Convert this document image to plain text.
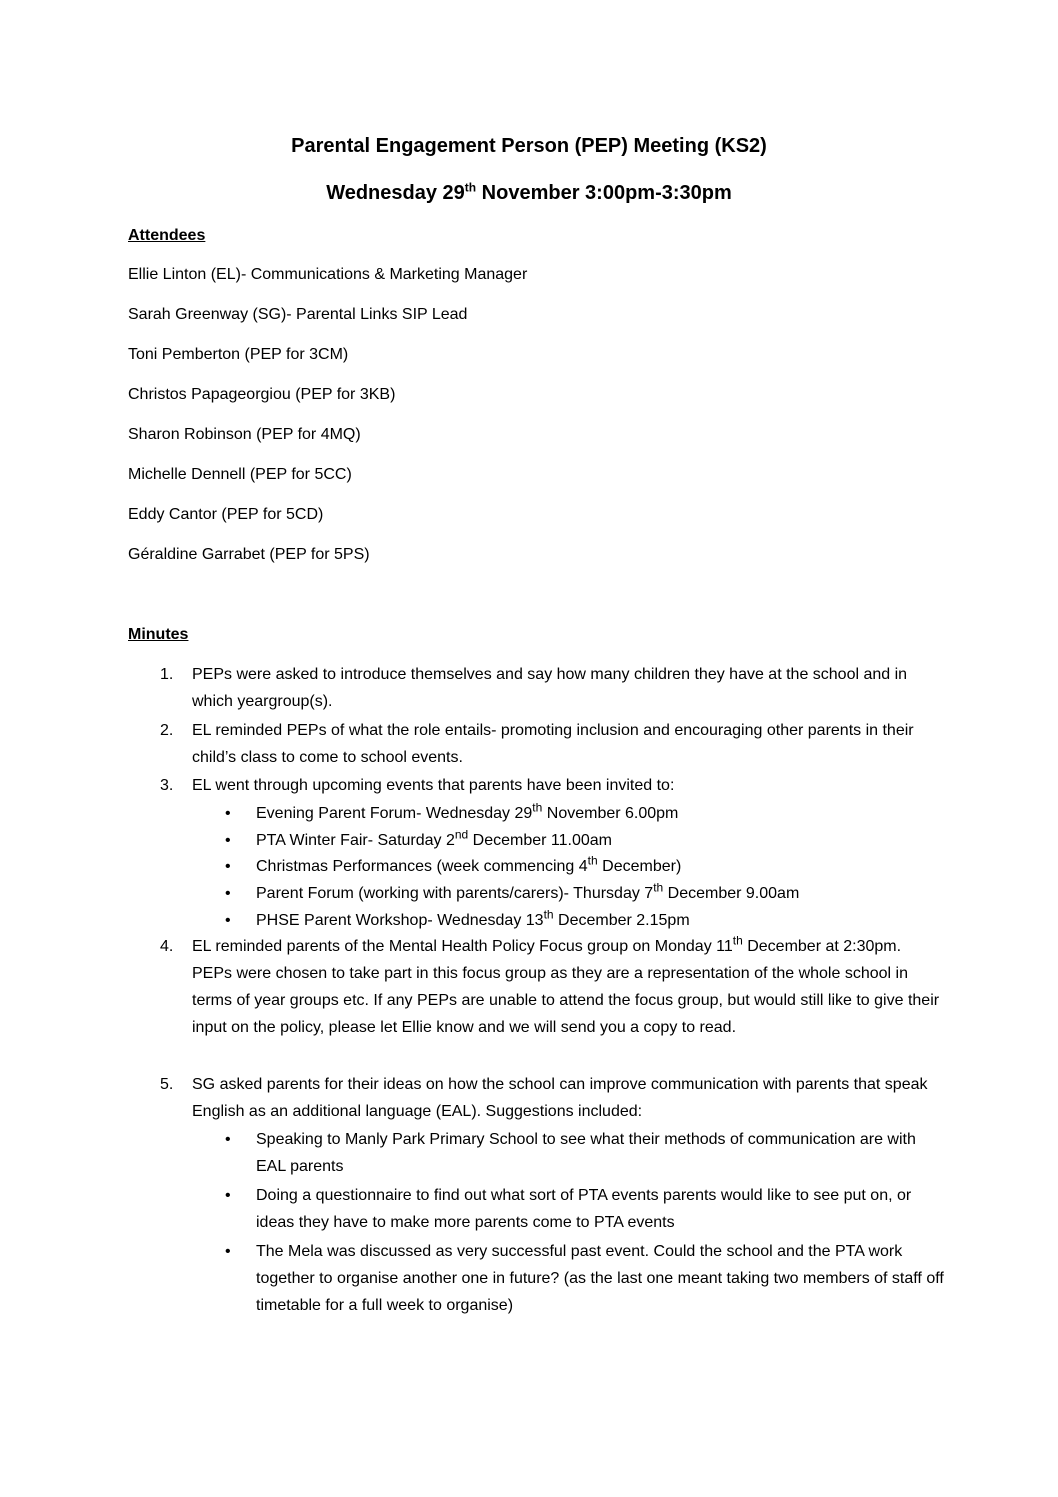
Parental Engagement Person (PEP) Meeting (KS2)
Wednesday 29th November 3:00pm-3:30pm
Attendees
Ellie Linton (EL)- Communications & Marketing Manager
Sarah Greenway (SG)- Parental Links SIP Lead
Toni Pemberton (PEP for 3CM)
Christos Papageorgiou (PEP for 3KB)
Sharon Robinson (PEP for 4MQ)
Michelle Dennell (PEP for 5CC)
Eddy Cantor (PEP for 5CD)
Géraldine Garrabet (PEP for 5PS)
Minutes
1.	PEPs were asked to introduce themselves and say how many children they have at the school and in which yeargroup(s).
2.	EL reminded PEPs of what the role entails- promoting inclusion and encouraging other parents in their child’s class to come to school events.
3.	EL went through upcoming events that parents have been invited to:
•	Evening Parent Forum- Wednesday 29th November 6.00pm
•	PTA Winter Fair- Saturday 2nd December 11.00am
•	Christmas Performances (week commencing 4th December)
•	Parent Forum (working with parents/carers)- Thursday 7th December 9.00am
•	PHSE Parent Workshop- Wednesday 13th December 2.15pm
4.	EL reminded parents of the Mental Health Policy Focus group on Monday 11th December at 2:30pm. PEPs were chosen to take part in this focus group as they are a representation of the whole school in terms of year groups etc. If any PEPs are unable to attend the focus group, but would still like to give their input on the policy, please let Ellie know and we will send you a copy to read.
5.	SG asked parents for their ideas on how the school can improve communication with parents that speak English as an additional language (EAL). Suggestions included:
•	Speaking to Manly Park Primary School to see what their methods of communication are with EAL parents
•	Doing a questionnaire to find out what sort of PTA events parents would like to see put on, or ideas they have to make more parents come to PTA events
•	The Mela was discussed as very successful past event. Could the school and the PTA work together to organise another one in future? (as the last one meant taking two members of staff off timetable for a full week to organise)
